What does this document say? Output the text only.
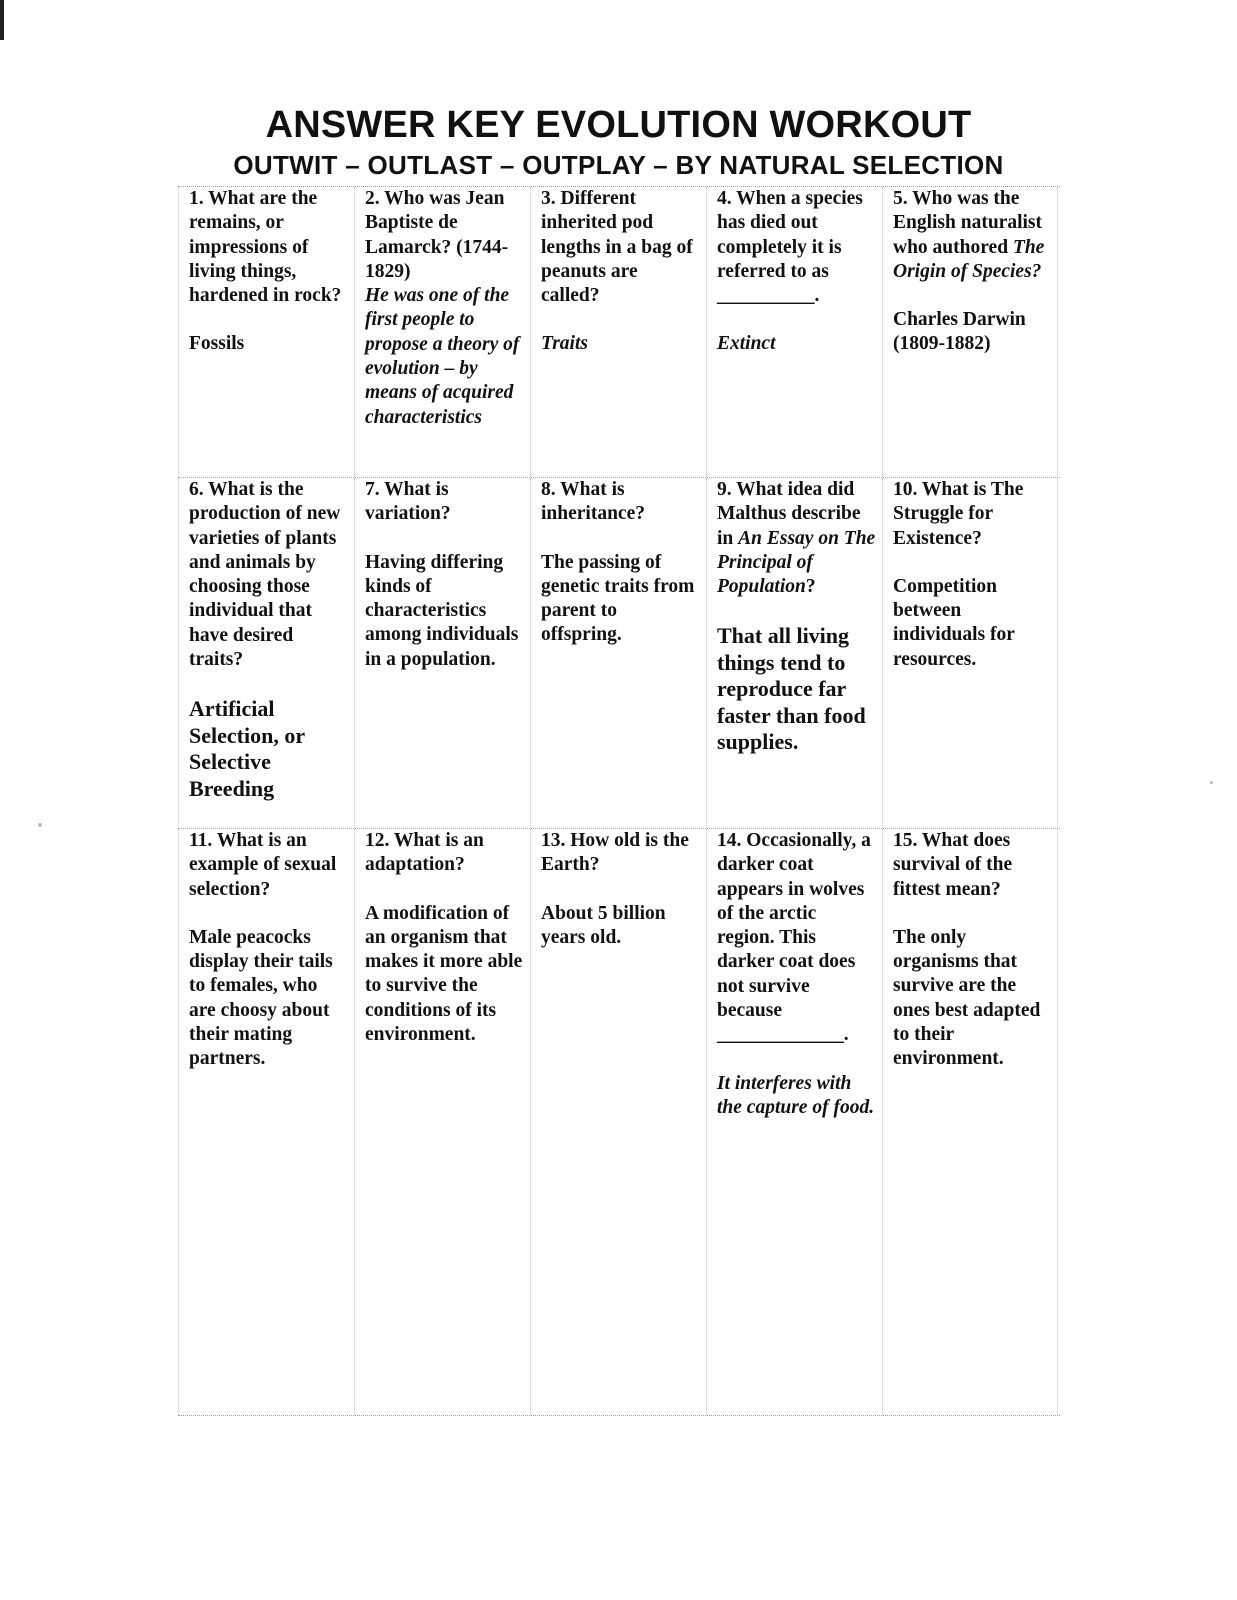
ANSWER KEY EVOLUTION WORKOUT
OUTWIT – OUTLAST – OUTPLAY – BY NATURAL SELECTION
1. What are the remains, or impressions of living things, hardened in rock?
Fossils
2. Who was Jean Baptiste de Lamarck? (1744-1829)
He was one of the first people to propose a theory of evolution – by means of acquired characteristics
3. Different inherited pod lengths in a bag of peanuts are called?
Traits
4. When a species has died out completely it is referred to as __________.
Extinct
5. Who was the English naturalist who authored The Origin of Species?
Charles Darwin (1809-1882)
6. What is the production of new varieties of plants and animals by choosing those individual that have desired traits?
Artificial Selection, or Selective Breeding
7. What is variation?
Having differing kinds of characteristics among individuals in a population.
8. What is inheritance?
The passing of genetic traits from parent to offspring.
9. What idea did Malthus describe in An Essay on The Principal of Population?
That all living things tend to reproduce far faster than food supplies.
10. What is The Struggle for Existence?
Competition between individuals for resources.
11. What is an example of sexual selection?
Male peacocks display their tails to females, who are choosy about their mating partners.
12. What is an adaptation?
A modification of an organism that makes it more able to survive the conditions of its environment.
13. How old is the Earth?
About 5 billion years old.
14. Occasionally, a darker coat appears in wolves of the arctic region. This darker coat does not survive because _____________.
It interferes with the capture of food.
15. What does survival of the fittest mean?
The only organisms that survive are the ones best adapted to their environment.
